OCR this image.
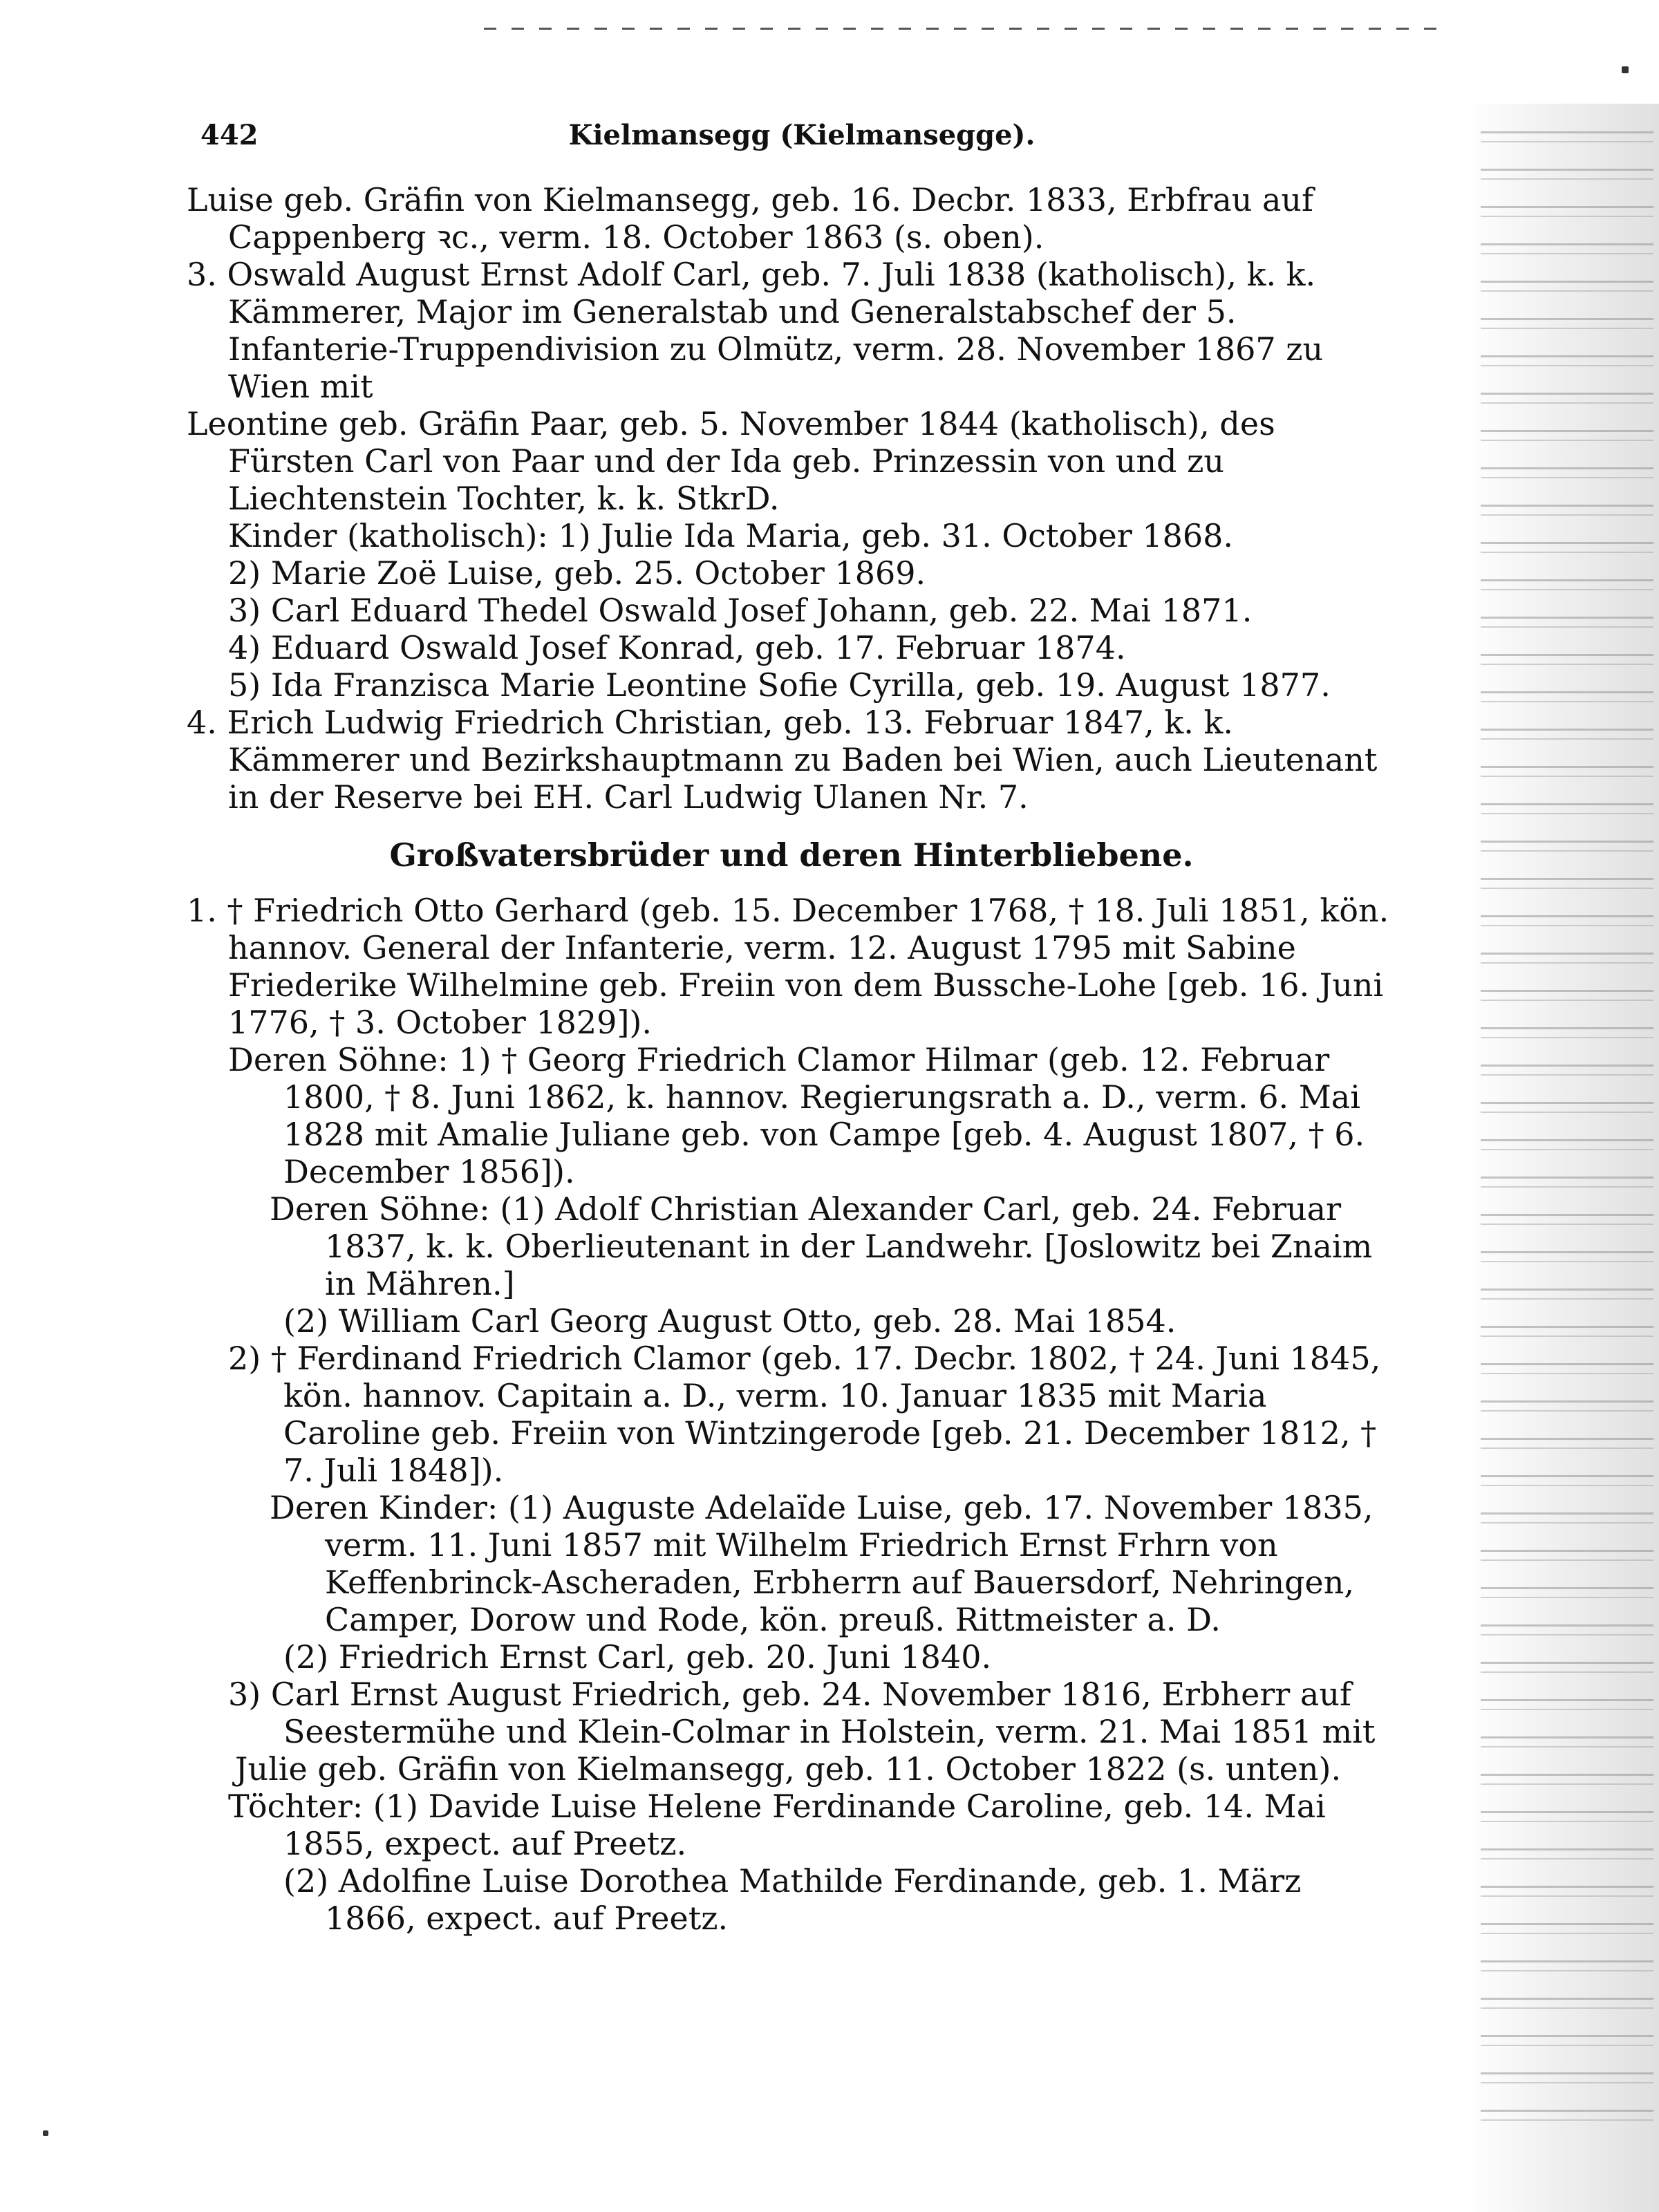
442	Kielmansegg (Kielmansegge).

Luise geb. Gräfin von Kielmansegg, geb. 16. Decbr. 1833, Erbfrau auf Cappenberg ꝛc., verm. 18. October 1863 (s. oben).

3. Oswald August Ernst Adolf Carl, geb. 7. Juli 1838 (katholisch), k. k. Kämmerer, Major im Generalstab und Generalstabschef der 5. Infanterie-Truppendivision zu Olmütz, verm. 28. November 1867 zu Wien mit

Leontine geb. Gräfin Paar, geb. 5. November 1844 (katholisch), des Fürsten Carl von Paar und der Ida geb. Prinzessin von und zu Liechtenstein Tochter, k. k. StkrD.

Kinder (katholisch): 1) Julie Ida Maria, geb. 31. October 1868.

2) Marie Zoë Luise, geb. 25. October 1869.

3) Carl Eduard Thedel Oswald Josef Johann, geb. 22. Mai 1871.

4) Eduard Oswald Josef Konrad, geb. 17. Februar 1874.

5) Ida Franzisca Marie Leontine Sofie Cyrilla, geb. 19. August 1877.

4. Erich Ludwig Friedrich Christian, geb. 13. Februar 1847, k. k. Kämmerer und Bezirkshauptmann zu Baden bei Wien, auch Lieutenant in der Reserve bei EH. Carl Ludwig Ulanen Nr. 7.

Großvatersbrüder und deren Hinterbliebene.

1. † Friedrich Otto Gerhard (geb. 15. December 1768, † 18. Juli 1851, kön. hannov. General der Infanterie, verm. 12. August 1795 mit Sabine Friederike Wilhelmine geb. Freiin von dem Bussche-Lohe [geb. 16. Juni 1776, † 3. October 1829]).

Deren Söhne: 1) † Georg Friedrich Clamor Hilmar (geb. 12. Februar 1800, † 8. Juni 1862, k. hannov. Regierungsrath a. D., verm. 6. Mai 1828 mit Amalie Juliane geb. von Campe [geb. 4. August 1807, † 6. December 1856]).

Deren Söhne: (1) Adolf Christian Alexander Carl, geb. 24. Februar 1837, k. k. Oberlieutenant in der Landwehr. [Joslowitz bei Znaim in Mähren.]

(2) William Carl Georg August Otto, geb. 28. Mai 1854.

2) † Ferdinand Friedrich Clamor (geb. 17. Decbr. 1802, † 24. Juni 1845, kön. hannov. Capitain a. D., verm. 10. Januar 1835 mit Maria Caroline geb. Freiin von Wintzingerode [geb. 21. December 1812, † 7. Juli 1848]).

Deren Kinder: (1) Auguste Adelaïde Luise, geb. 17. November 1835, verm. 11. Juni 1857 mit Wilhelm Friedrich Ernst Frhrn von Keffenbrinck-Ascheraden, Erbherrn auf Bauersdorf, Nehringen, Camper, Dorow und Rode, kön. preuß. Rittmeister a. D.

(2) Friedrich Ernst Carl, geb. 20. Juni 1840.

3) Carl Ernst August Friedrich, geb. 24. November 1816, Erbherr auf Seestermühe und Klein-Colmar in Holstein, verm. 21. Mai 1851 mit

Julie geb. Gräfin von Kielmansegg, geb. 11. October 1822 (s. unten).

Töchter: (1) Davide Luise Helene Ferdinande Caroline, geb. 14. Mai 1855, expect. auf Preetz.

(2) Adolfine Luise Dorothea Mathilde Ferdinande, geb. 1. März 1866, expect. auf Preetz.
